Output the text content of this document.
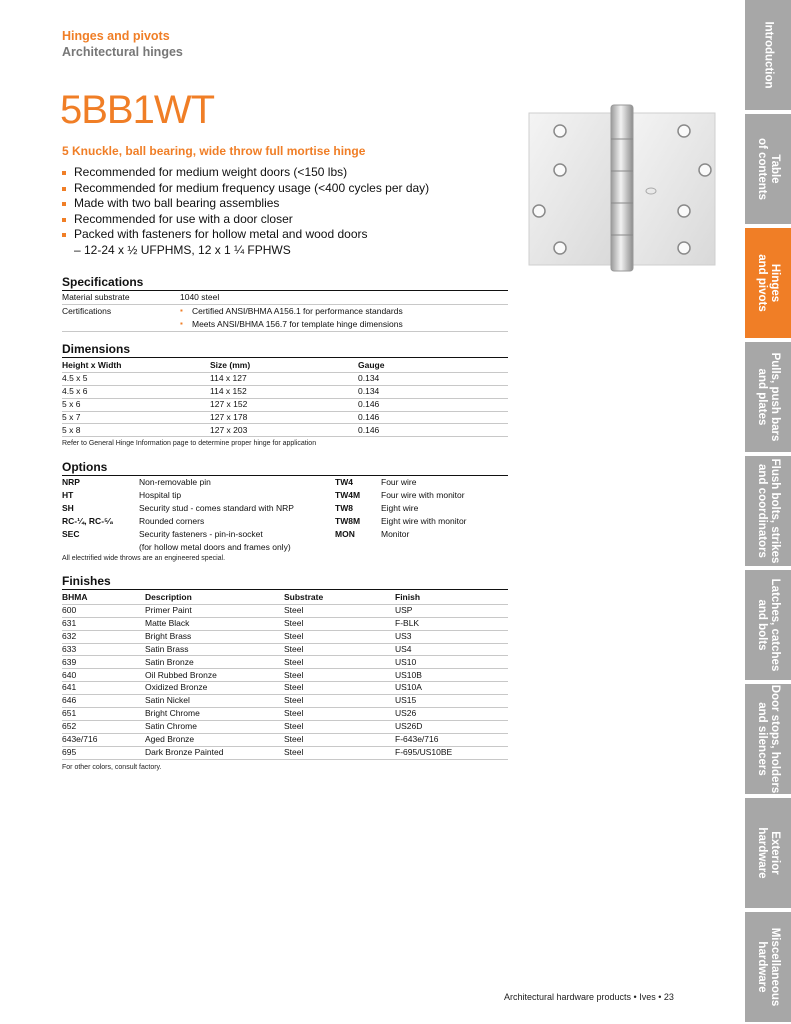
Hinges and pivots
Architectural hinges
5BB1WT
5 Knuckle, ball bearing, wide throw full mortise hinge
Recommended for medium weight doors (<150 lbs)
Recommended for medium frequency usage (<400 cycles per day)
Made with two ball bearing assemblies
Recommended for use with a door closer
Packed with fasteners for hollow metal and wood doors
– 12-24 x ½ UFPHMS, 12 x 1 ¼ FPHWS
Specifications
Material substrate	1040 steel
Certifications
▪	Certified ANSI/BHMA A156.1 for performance standards
▪ Meets ANSI/BHMA 156.7 for template hinge dimensions
Dimensions
Height x Width	Size (mm)	Gauge
4.5 x 5	114 x 127	0.134
4.5 x 6	114 x 152	0.134
5 x 6	127 x 152	0.146
5 x 7	127 x 178	0.146
5 x 8	127 x 203	0.146
Refer to General Hinge Information page to determine proper hinge for application
Options
NRP	Non-removable pin	TW4	Four wire
HT	Hospital tip	TW4M Four wire with monitor
SH	Security stud - comes standard with NRP	TW8	Eight wire
RC-¼, RC-⁵⁄₈	Rounded corners	TW8M Eight wire with monitor
SEC	Security fasteners - pin-in-socket	MON	Monitor
(for hollow metal doors and frames only)
All electrified wide throws are an engineered special.
Finishes
BHMA	Description	Substrate	Finish
600	Primer Paint	Steel	USP
631	Matte Black	Steel	F-BLK
632	Bright Brass	Steel	US3
633	Satin Brass	Steel	US4
639	Satin Bronze	Steel	US10
640	Oil Rubbed Bronze	Steel	US10B
641	Oxidized Bronze	Steel	US10A
646	Satin Nickel	Steel	US15
651	Bright Chrome	Steel	US26
652	Satin Chrome	Steel	US26D
643e/716	Aged Bronze	Steel	F-643e/716
695	Dark Bronze Painted	Steel	F-695/US10BE
For other colors, consult factory.
Introduction
Table
of contents
Hinges
and pivots
Pulls, push bars
and plates
Flush bolts, strikes
and coordinators
Latches, catches
and bolts
Door stops, holders
and silencers
Exterior
hardware
Miscellaneous
hardware
Architectural hardware products • Ives • 23
